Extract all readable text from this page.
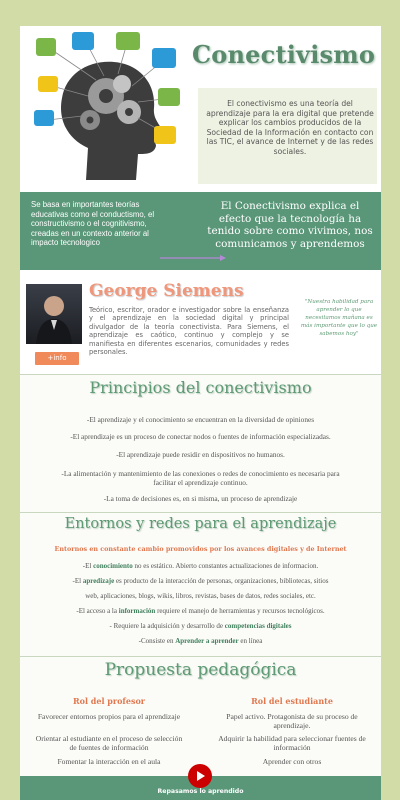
Conectivismo
El conectivismo es una teoría del aprendizaje para la era digital que pretende explicar los cambios producidos de la Sociedad de la Información en contacto con las TIC, el avance de Internet y de las redes sociales.
Se basa en importantes teorías educativas como el conductismo, el constructivismo o el cognitivismo, creadas en un contexto anterior al impacto tecnologico
El Conectivismo explica el efecto que la tecnología ha tenido sobre como vivimos, nos comunicamos y aprendemos
+info
George Siemens
Teórico, escritor, orador e investigador sobre la enseñanza y el aprendizaje en la sociedad digital y principal divulgador de la teoría conectivista. Para Siemens, el aprendizaje es caótico, continuo y complejo y se manifiesta en diferentes escenarios, comunidades y redes personales.
"Nuestra habilidad para aprender lo que necesitamos mañana es más importante que lo que sabemos hoy"
Principios del conectivismo
-El aprendizaje y el conocimiento se encuentran en la diversidad de opiniones
-El aprendizaje es un proceso de conectar nodos o fuentes de información especializadas.
-El aprendizaje puede residir en dispositivos no humanos.
-La alimentación y mantenimiento de las conexiones o redes de conocimiento es necesaria para facilitar el aprendizaje continuo.
-La toma de decisiones es, en si misma, un proceso de aprendizaje
Entornos y redes para el aprendizaje
Entornos en constante cambio promovidos por los avances digitales y de Internet
-El conocimiento no es estático. Abierto constantes actualizaciones de informacion.
-El apredizaje es producto de la interacción de personas, organizaciones, bibliotecas, sitios
web, aplicaciones, blogs, wikis, libros, revistas, bases de datos, redes sociales, etc.
-El acceso a la información requiere el manejo de herramientas y recursos tecnológicos.
- Requiere la adquisición y desarrollo de competencias digitales
-Consiste en Aprender a aprender en línea
Propuesta pedagógica
Rol del profesor
Favorecer entornos propios para el aprendizaje
Orientar al estudiante en el proceso de selección de fuentes de información
Fomentar la interacción en el aula
Rol del estudiante
Papel activo. Protagonista de su proceso de aprendizaje.
Adquirir la habilidad para seleccionar fuentes de información
Aprender con otros
Repasamos lo aprendido
